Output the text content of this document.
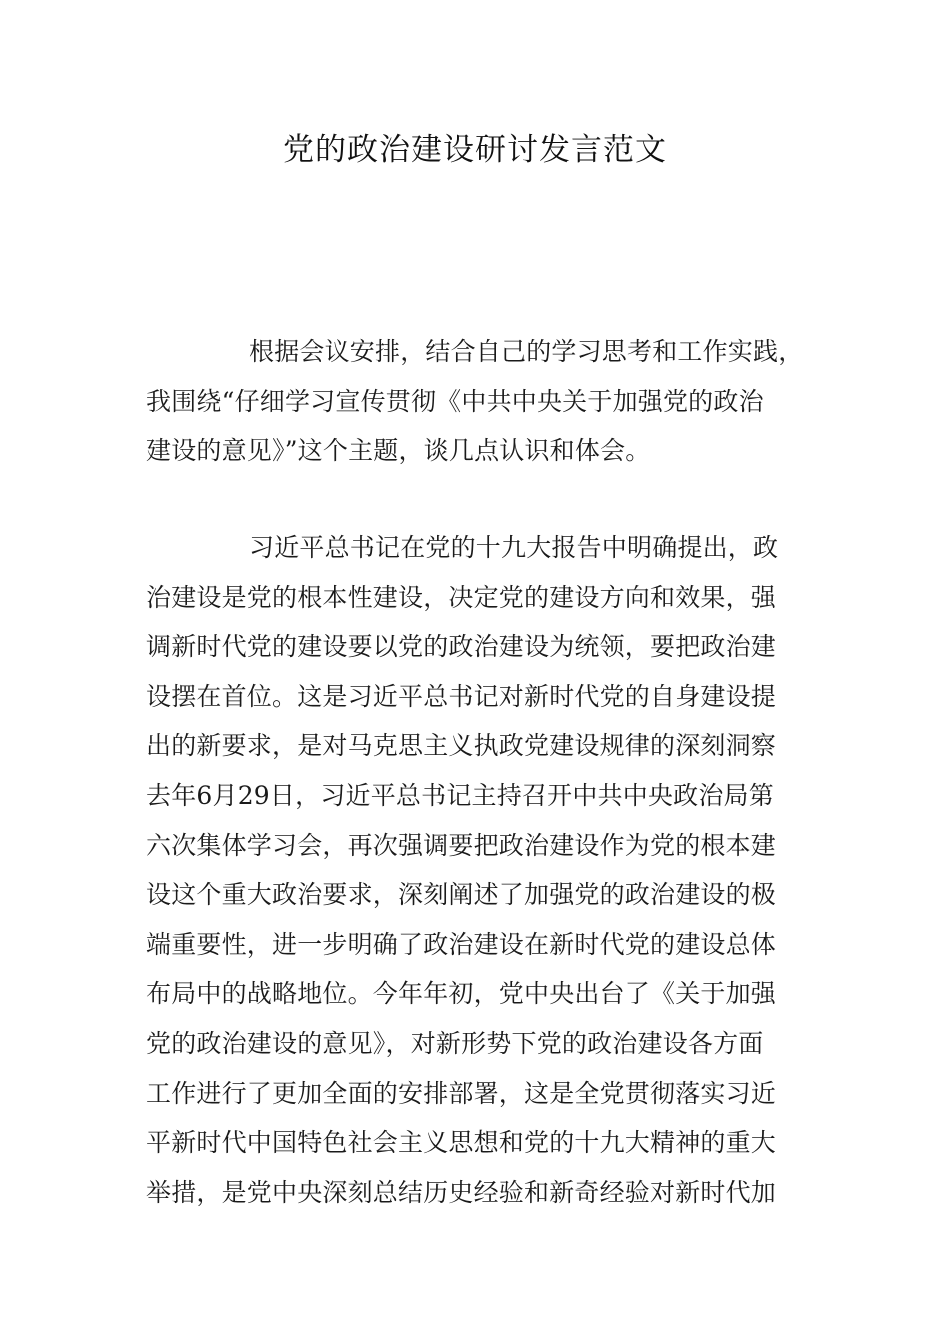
党的政治建设研讨发言范文
根据会议安排，结合自己的学习思考和工作实践，
我围绕“仔细学习宣传贯彻《中共中央关于加强党的政治
建设的意见》”这个主题，谈几点认识和体会。
习近平总书记在党的十九大报告中明确提出，政
治建设是党的根本性建设，决定党的建设方向和效果，强
调新时代党的建设要以党的政治建设为统领，要把政治建
设摆在首位。这是习近平总书记对新时代党的自身建设提
出的新要求，是对马克思主义执政党建设规律的深刻洞察
去年6月29日，习近平总书记主持召开中共中央政治局第
六次集体学习会，再次强调要把政治建设作为党的根本建
设这个重大政治要求，深刻阐述了加强党的政治建设的极
端重要性，进一步明确了政治建设在新时代党的建设总体
布局中的战略地位。今年年初，党中央出台了《关于加强
党的政治建设的意见》，对新形势下党的政治建设各方面
工作进行了更加全面的安排部署，这是全党贯彻落实习近
平新时代中国特色社会主义思想和党的十九大精神的重大
举措，是党中央深刻总结历史经验和新奇经验对新时代加
